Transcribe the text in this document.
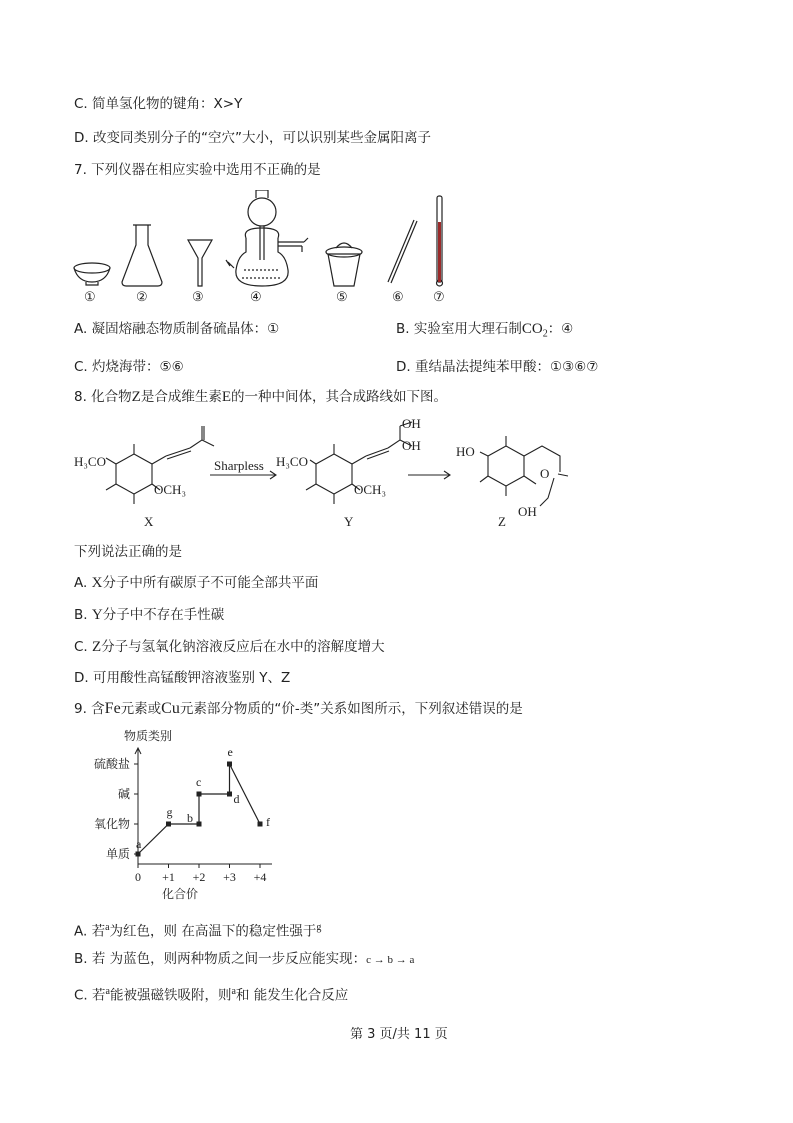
C. 简单氢化物的键角：X>Y
D. 改变同类别分子的“空穴”大小，可以识别某些金属阳离子
7. 下列仪器在相应实验中选用不正确的是
①	②	③	④	⑤	⑥ ⑦
A. 凝固熔融态物质制备硫晶体：①	B. 实验室用大理石制$CO_2$：④
C. 灼烧海带：⑤⑥	D. 重结晶法提纯苯甲酸：①③⑥⑦
8. 化合物Z是合成维生素E的一种中间体，其合成路线如下图。
H₃CO
OCH₃
Sharpless H₃CO
OCH₃
OH
OH	HO
O
OH
X	Y	Z
下列说法正确的是
A. X分子中所有碳原子不可能全部共平面
B. Y分子中不存在手性碳
C. Z分子与氢氧化钠溶液反应后在水中的溶解度增大
D. 可用酸性高锰酸钾溶液鉴别 Y、Z
9. 含Fe元素或Cu元素部分物质的“价-类”关系如图所示，下列叙述错误的是
物质类别
单质
氧化物
碱
硫酸盐
0 +1 +2 +3 +4
a
g b
c
d
e
f
化合价
A. 若$^a$为红色，则 在高温下的稳定性强于$^g$
B. 若 为蓝色，则两种物质之间一步反应能实现：c → b → a
C. 若$^a$能被强磁铁吸附，则$^a$和 能发生化合反应
第 3 页/共 11 页
